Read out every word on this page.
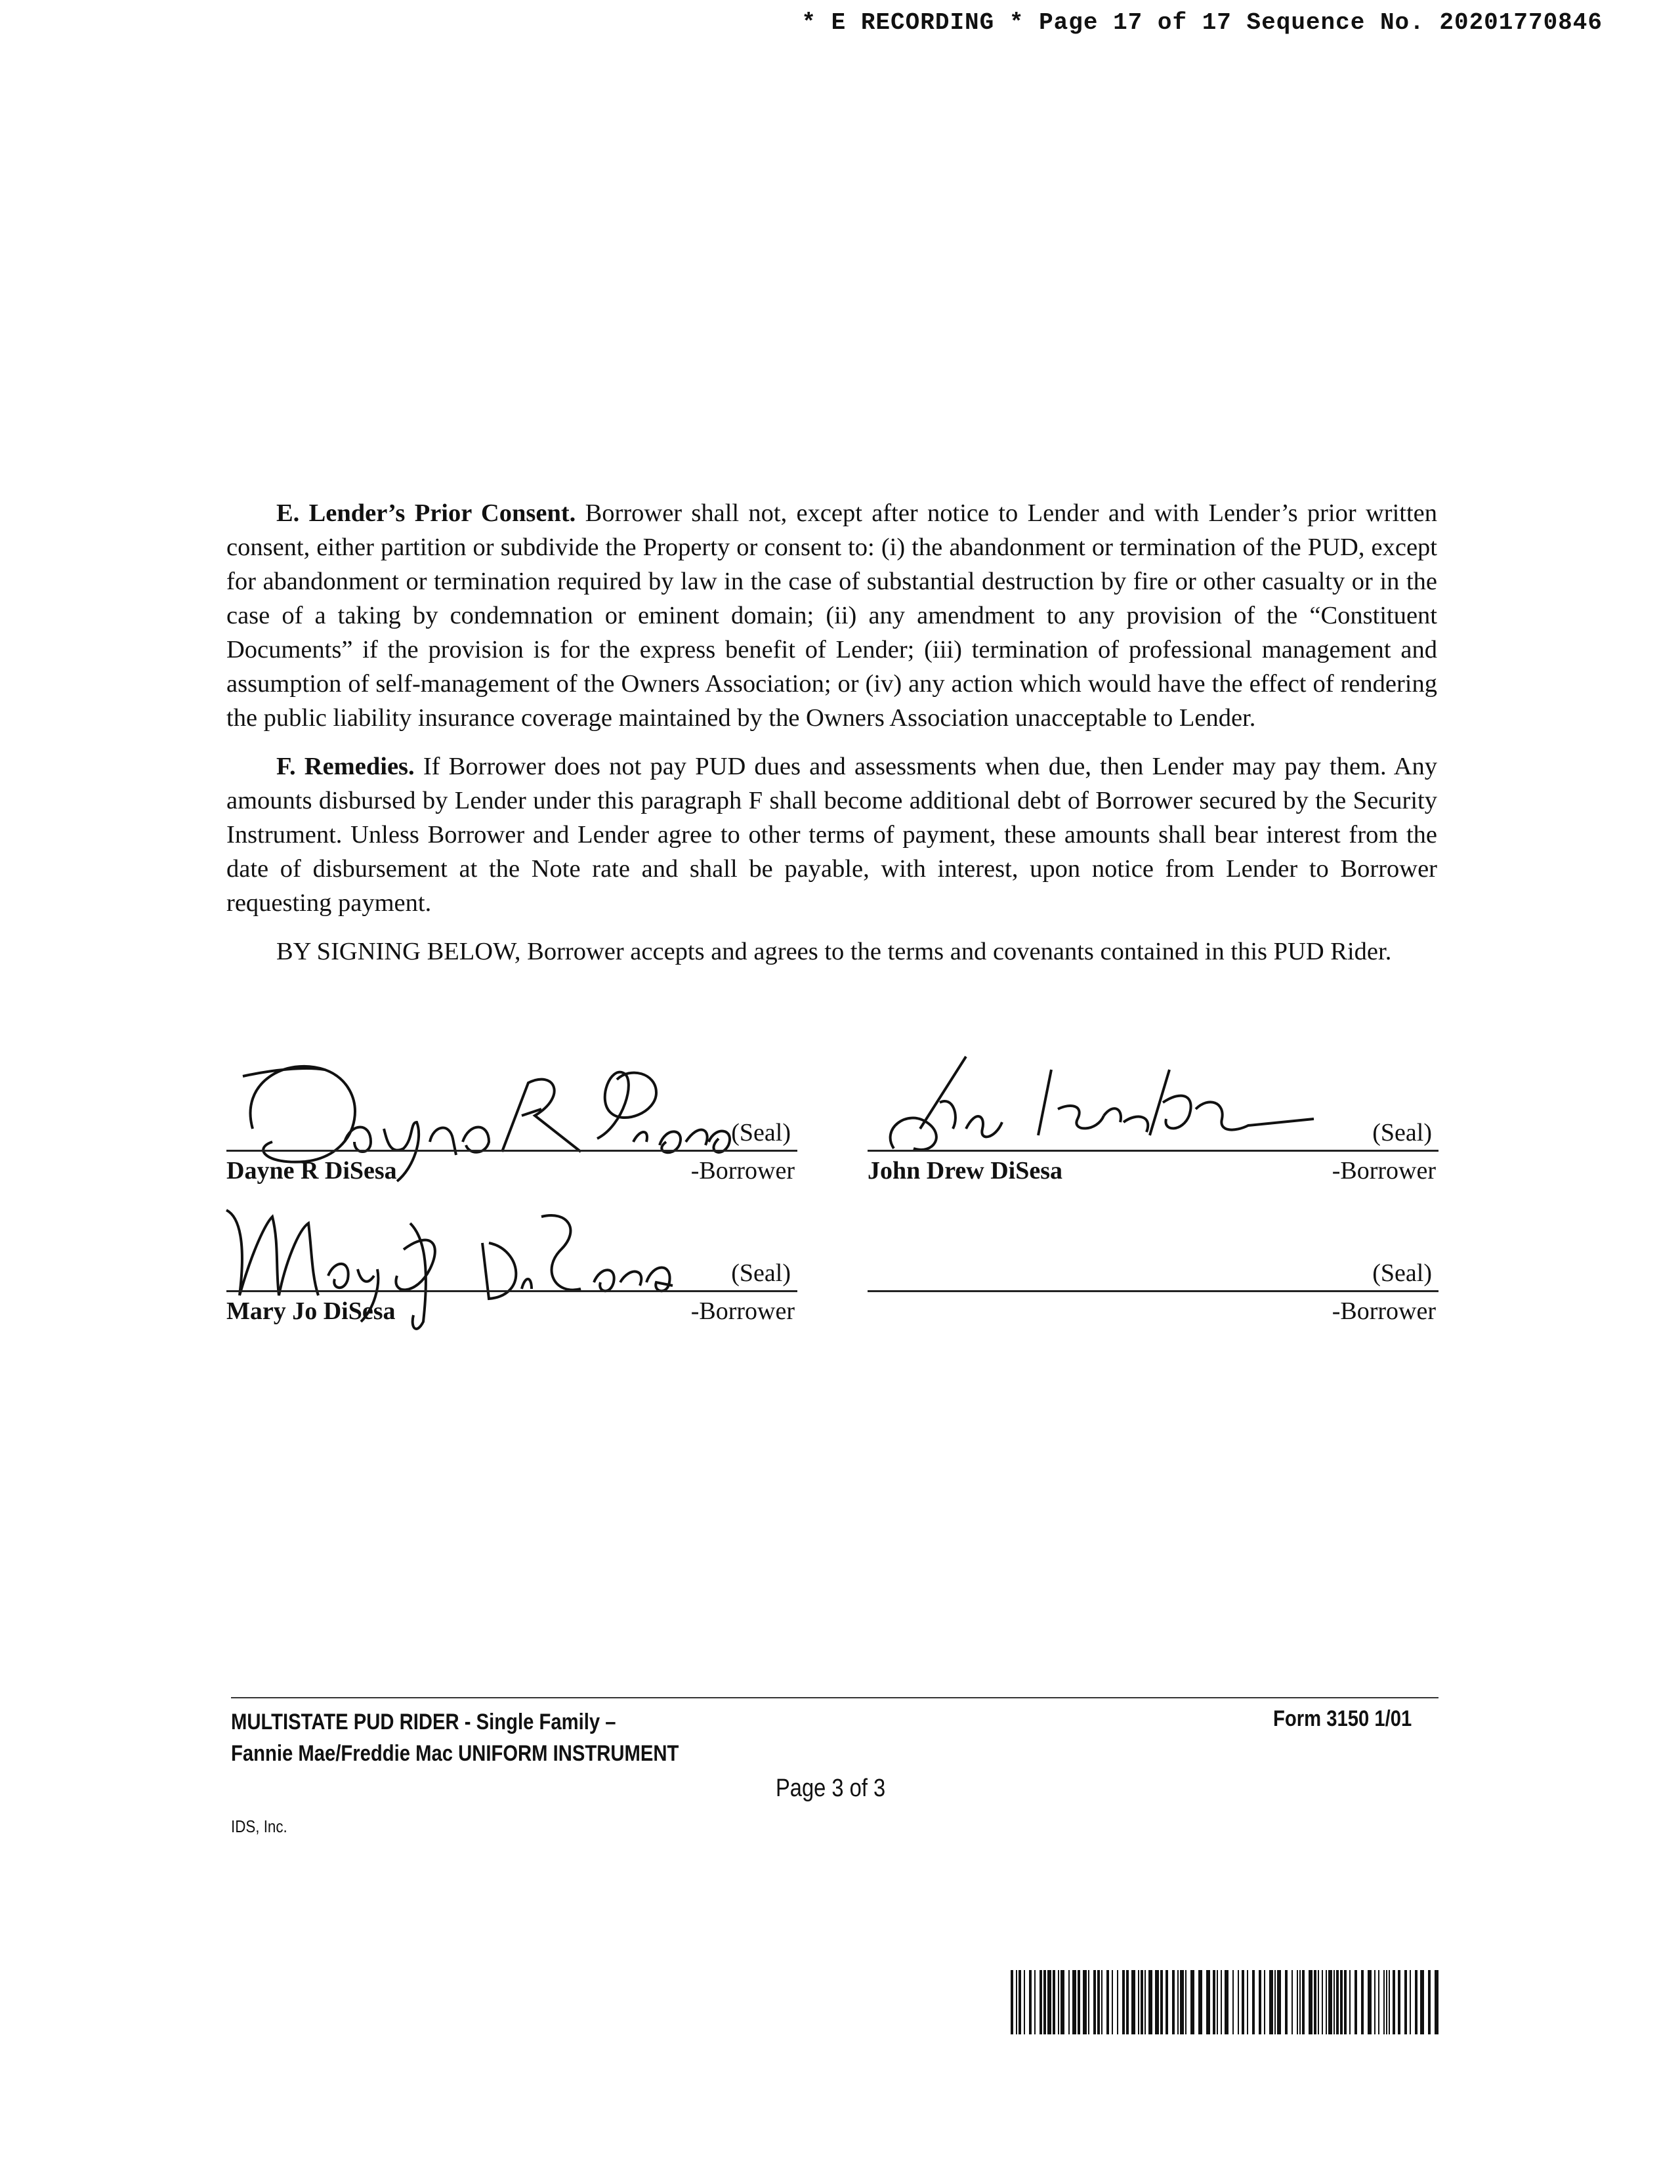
* E RECORDING * Page 17 of 17 Sequence No. 20201770846

E. Lender’s Prior Consent. Borrower shall not, except after notice to Lender and with Lender’s prior written consent, either partition or subdivide the Property or consent to: (i) the abandonment or termination of the PUD, except for abandonment or termination required by law in the case of substantial destruction by fire or other casualty or in the case of a taking by condemnation or eminent domain; (ii) any amendment to any provision of the “Constituent Documents” if the provision is for the express benefit of Lender; (iii) termination of professional management and assumption of self-management of the Owners Association; or (iv) any action which would have the effect of rendering the public liability insurance coverage maintained by the Owners Association unacceptable to Lender.

F. Remedies. If Borrower does not pay PUD dues and assessments when due, then Lender may pay them. Any amounts disbursed by Lender under this paragraph F shall become additional debt of Borrower secured by the Security Instrument. Unless Borrower and Lender agree to other terms of payment, these amounts shall bear interest from the date of disbursement at the Note rate and shall be payable, with interest, upon notice from Lender to Borrower requesting payment.

BY SIGNING BELOW, Borrower accepts and agrees to the terms and covenants contained in this PUD Rider.

(Seal)
Dayne R DiSesa	-Borrower
(Seal)
John Drew DiSesa	-Borrower
(Seal)
Mary Jo DiSesa	-Borrower
(Seal)
-Borrower
MULTISTATE PUD RIDER - Single Family –
Fannie Mae/Freddie Mac UNIFORM INSTRUMENT
Form 3150 1/01
Page 3 of 3
IDS, Inc.
